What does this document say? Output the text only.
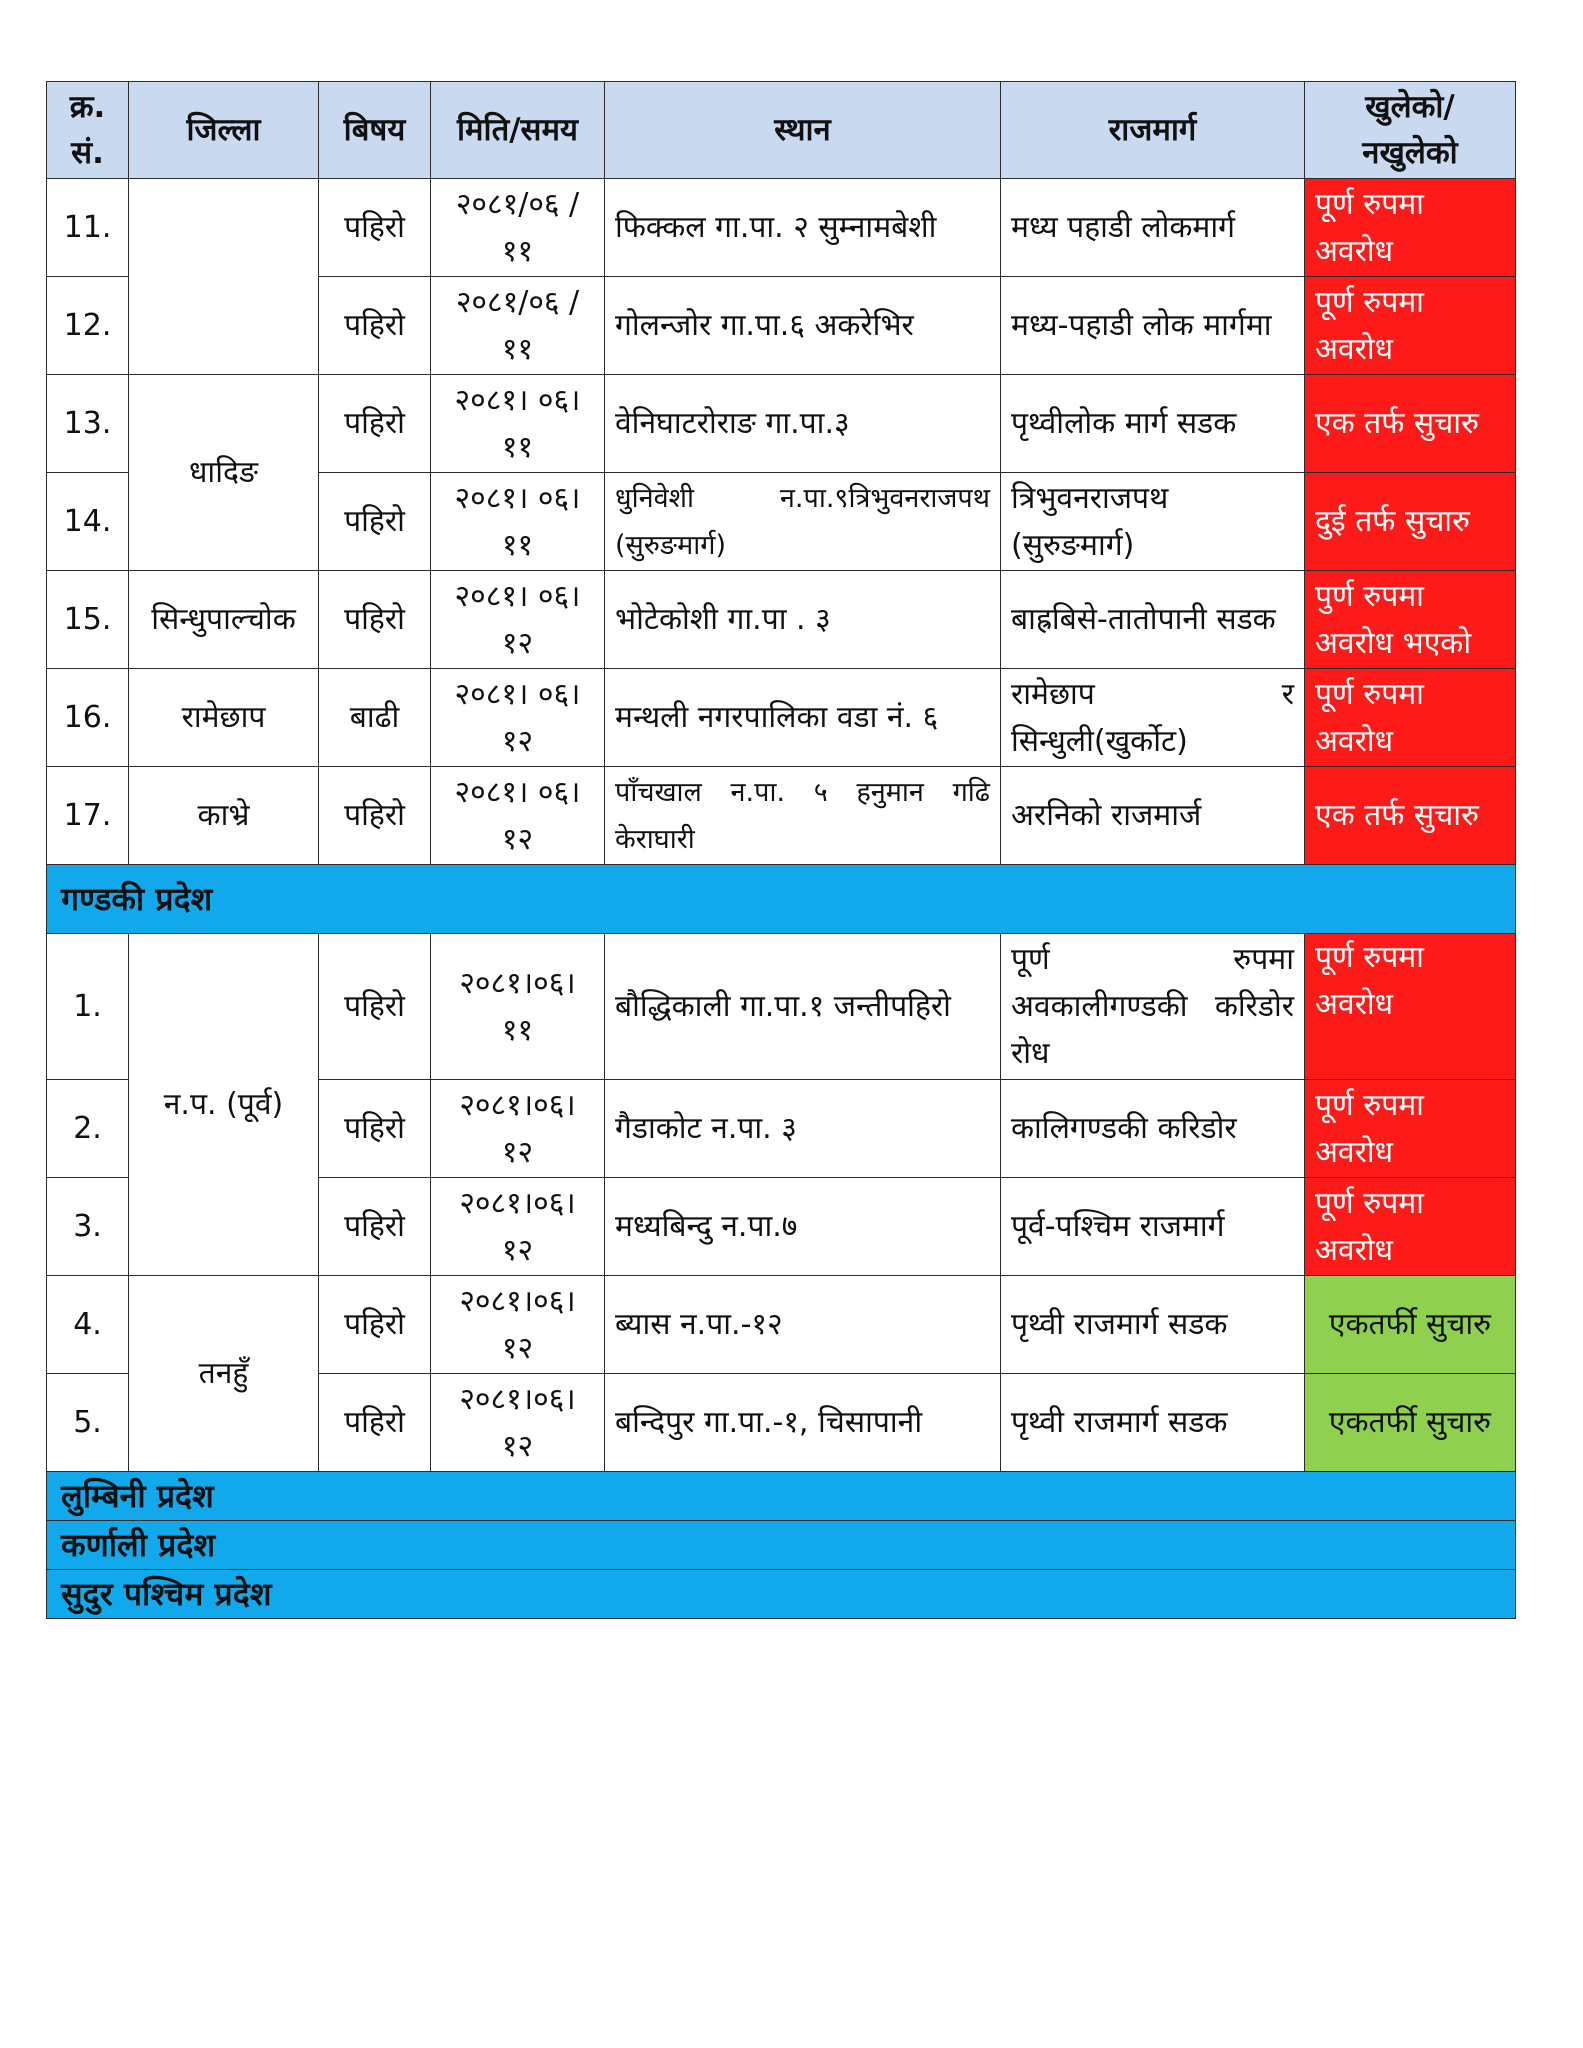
क्र. सं.	जिल्ला	बिषय	मिति/समय	स्थान	राजमार्ग	खुलेको/ नखुलेको
11.		पहिरो	२०८१/०६ /११	फिक्कल गा.पा. २ सुम्नामबेशी	मध्य पहाडी लोकमार्ग	पूर्ण रुपमा अवरोध
12.		पहिरो	२०८१/०६ /११	गोलन्जोर गा.पा.६ अकरेभिर	मध्य-पहाडी लोक मार्गमा	पूर्ण रुपमा अवरोध
13.	धादिङ	पहिरो	२०८१। ०६।११	वेनिघाटरोराङ गा.पा.३	पृथ्वीलोक मार्ग सडक	एक तर्फ सुचारु
14.		पहिरो	२०८१। ०६।११	धुनिवेशी न.पा.९त्रिभुवनराजपथ (सुरुङमार्ग)	त्रिभुवनराजपथ (सुरुङमार्ग)	दुई तर्फ सुचारु
15.	सिन्धुपाल्चोक	पहिरो	२०८१। ०६।१२	भोटेकोशी गा.पा . ३	बाह्रबिसे-तातोपानी सडक	पुर्ण रुपमा अवरोध भएको
16.	रामेछाप	बाढी	२०८१। ०६।१२	मन्थली नगरपालिका वडा नं. ६	रामेछाप र सिन्धुली(खुर्कोट)	पूर्ण रुपमा अवरोध
17.	काभ्रे	पहिरो	२०८१। ०६।१२	पाँचखाल न.पा. ५ हनुमान गढि केराघारी	अरनिको राजमार्ज	एक तर्फ सुचारु
गण्डकी प्रदेश						
1.	न.प. (पूर्व)	पहिरो	२०८१।०६। ११	बौद्धिकाली गा.पा.१ जन्तीपहिरो	पूर्ण रुपमा अवकालीगण्डकी करिडोर रोध	पूर्ण रुपमा अवरोध
2.		पहिरो	२०८१।०६। १२	गैडाकोट न.पा. ३	कालिगण्डकी करिडोर	पूर्ण रुपमा अवरोध
3.		पहिरो	२०८१।०६। १२	मध्यबिन्दु न.पा.७	पूर्व-पश्चिम राजमार्ग	पूर्ण रुपमा अवरोध
4.	तनहुँ	पहिरो	२०८१।०६। १२	ब्यास न.पा.-१२	पृथ्वी राजमार्ग सडक	एकतर्फी सुचारु
5.		पहिरो	२०८१।०६। १२	बन्दिपुर गा.पा.-१, चिसापानी	पृथ्वी राजमार्ग सडक	एकतर्फी सुचारु
लुम्बिनी प्रदेश						
कर्णाली प्रदेश						
सुदुर पश्चिम प्रदेश						
